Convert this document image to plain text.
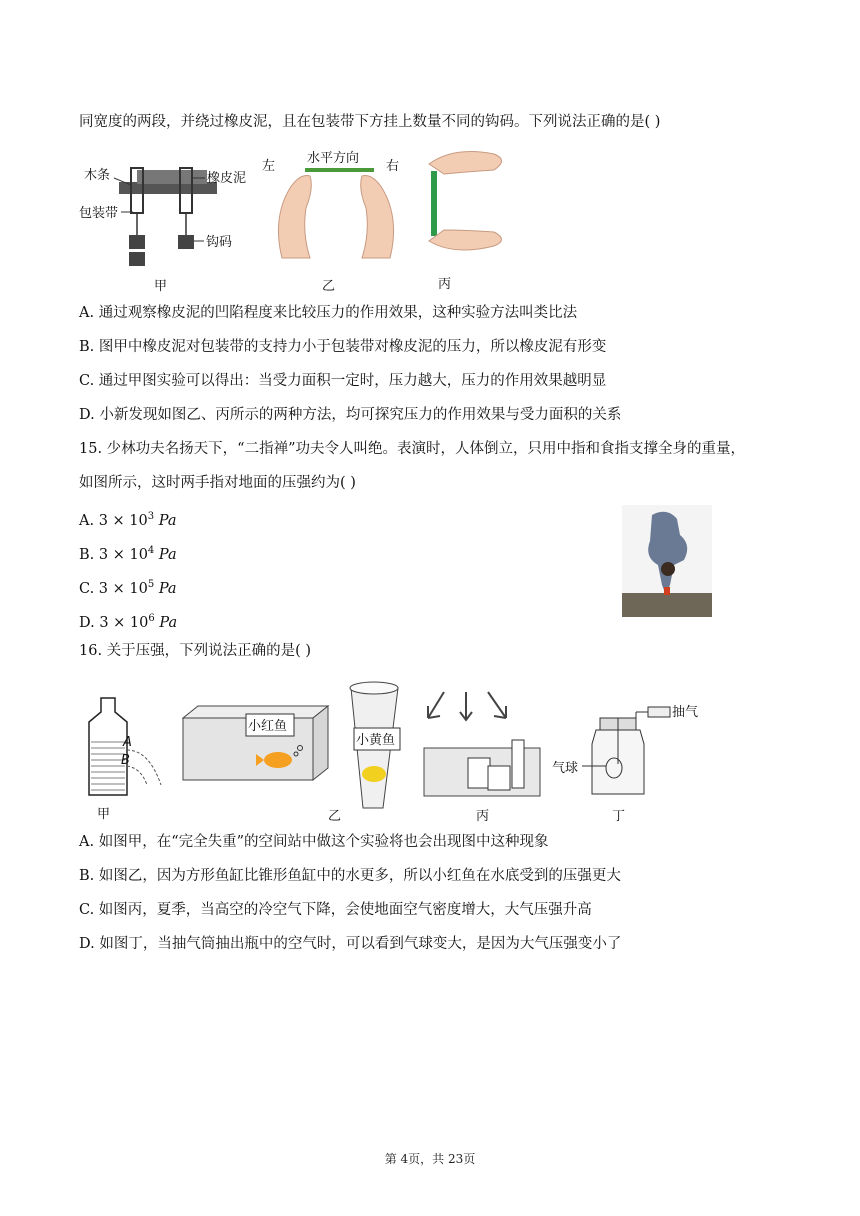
同宽度的两段，并绕过橡皮泥，且在包装带下方挂上数量不同的钩码。下列说法正确的是( )
木条	橡皮泥
包装带
钩码
甲
左	右
水平方向
乙	丙
A. 通过观察橡皮泥的凹陷程度来比较压力的作用效果，这种实验方法叫类比法
B. 图甲中橡皮泥对包装带的支持力小于包装带对橡皮泥的压力，所以橡皮泥有形变
C. 通过甲图实验可以得出：当受力面积一定时，压力越大，压力的作用效果越明显
D. 小新发现如图乙、丙所示的两种方法，均可探究压力的作用效果与受力面积的关系
15. 少林功夫名扬天下，“二指禅”功夫令人叫绝。表演时，人体倒立，只用中指和食指支撑全身的重量，
如图所示，这时两手指对地面的压强约为( )
A. $3 \times 10^3$ Pa
B. $3 \times 10^4$ Pa
C. $3 \times 10^5$ Pa
D. $3 \times 10^6$ Pa
16. 关于压强，下列说法正确的是( )
A
B
甲
小红鱼
小黄鱼
乙	丙
抽气
气球
丁
A. 如图甲，在“完全失重”的空间站中做这个实验将也会出现图中这种现象
B. 如图乙，因为方形鱼缸比锥形鱼缸中的水更多，所以小红鱼在水底受到的压强更大
C. 如图丙，夏季，当高空的冷空气下降，会使地面空气密度增大，大气压强升高
D. 如图丁，当抽气筒抽出瓶中的空气时，可以看到气球变大，是因为大气压强变小了
第 4页，共 23页
